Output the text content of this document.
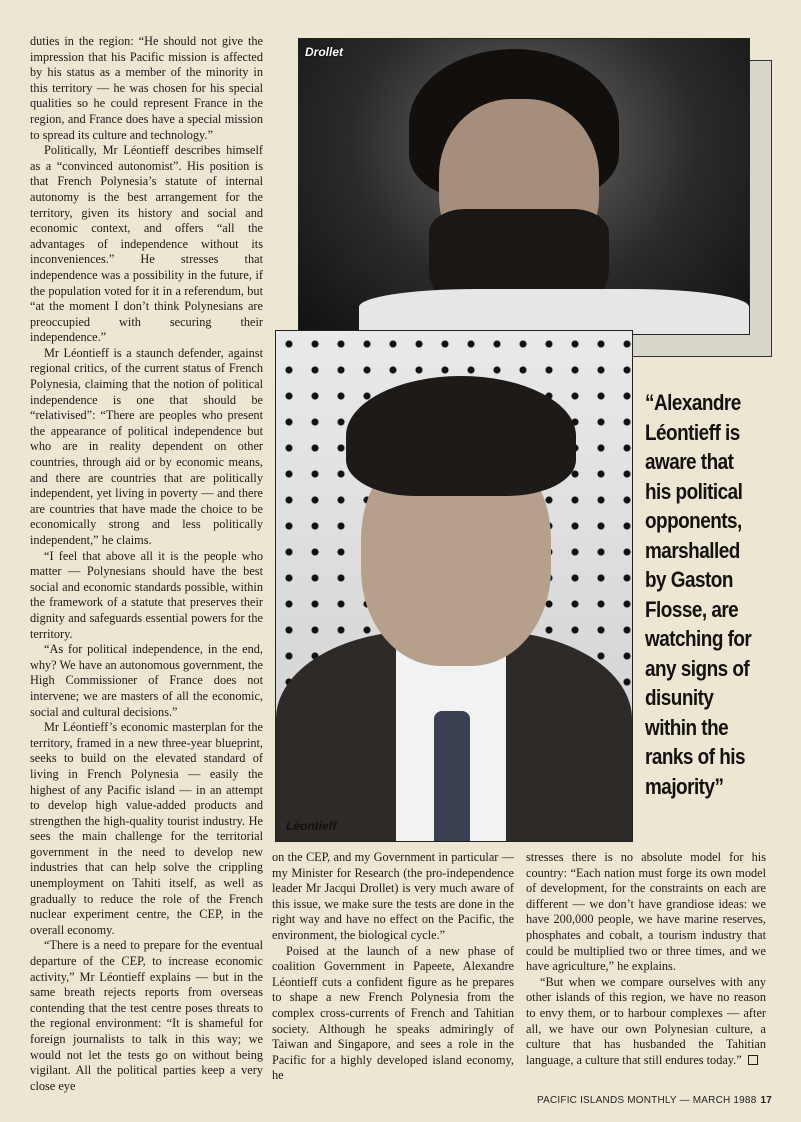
duties in the region: “He should not give the impression that his Pacific mission is affected by his status as a member of the minority in this territory — he was chosen for his special qualities so he could represent France in the region, and France does have a special mission to spread its culture and technology.”

Politically, Mr Léontieff describes himself as a “convinced autonomist”. His position is that French Polynesia’s statute of internal autonomy is the best arrangement for the territory, given its history and social and economic context, and offers “all the advantages of independence without its inconveniences.” He stresses that independence was a possibility in the future, if the population voted for it in a referendum, but “at the moment I don’t think Polynesians are preoccupied with securing their independence.”

Mr Léontieff is a staunch defender, against regional critics, of the current status of French Polynesia, claiming that the notion of political independence is one that should be “relativised”: “There are peoples who present the appearance of political independence but who are in reality dependent on other countries, through aid or by economic means, and there are countries that are politically independent, yet living in poverty — and there are countries that have made the choice to be economically strong and less politically independent,” he claims.

“I feel that above all it is the people who matter — Polynesians should have the best social and economic standards possible, within the framework of a statute that preserves their dignity and safeguards essential powers for the territory.

“As for political independence, in the end, why? We have an autonomous government, the High Commissioner of France does not intervene; we are masters of all the economic, social and cultural decisions.”

Mr Léontieff’s economic masterplan for the territory, framed in a new three-year blueprint, seeks to build on the elevated standard of living in French Polynesia — easily the highest of any Pacific island — in an attempt to develop high value-added products and strengthen the high-quality tourist industry. He sees the main challenge for the territorial government in the need to develop new industries that can help solve the crippling unemployment on Tahiti itself, as well as gradually to reduce the role of the French nuclear experiment centre, the CEP, in the overall economy.

“There is a need to prepare for the eventual departure of the CEP, to increase economic activity,” Mr Léontieff explains — but in the same breath rejects reports from overseas contending that the test centre poses threats to the regional environment: “It is shameful for foreign journalists to talk in this way; we would not let the tests go on without being vigilant. All the political parties keep a very close eye

Drollet
Léontieff
“Alexandre
Léontieff is
aware that
his political
opponents,
marshalled
by Gaston
Flosse, are
watching for
any signs of
disunity
within the
ranks of his
majority”

on the CEP, and my Government in particular — my Minister for Research (the pro-independence leader Mr Jacqui Drollet) is very much aware of this issue, we make sure the tests are done in the right way and have no effect on the Pacific, the environment, the biological cycle.”

Poised at the launch of a new phase of coalition Government in Papeete, Alexandre Léontieff cuts a confident figure as he prepares to shape a new French Polynesia from the complex cross-currents of French and Tahitian society. Although he speaks admiringly of Taiwan and Singapore, and sees a role in the Pacific for a highly developed island economy, he

stresses there is no absolute model for his country: “Each nation must forge its own model of development, for the constraints on each are different — we don’t have grandiose ideas: we have 200,000 people, we have marine reserves, phosphates and cobalt, a tourism industry that could be multiplied two or three times, and we have agriculture,” he explains.

“But when we compare ourselves with any other islands of this region, we have no reason to envy them, or to harbour complexes — after all, we have our own Polynesian culture, a culture that has husbanded the Tahitian language, a culture that still endures today.”

PACIFIC ISLANDS MONTHLY — MARCH 1988 17
